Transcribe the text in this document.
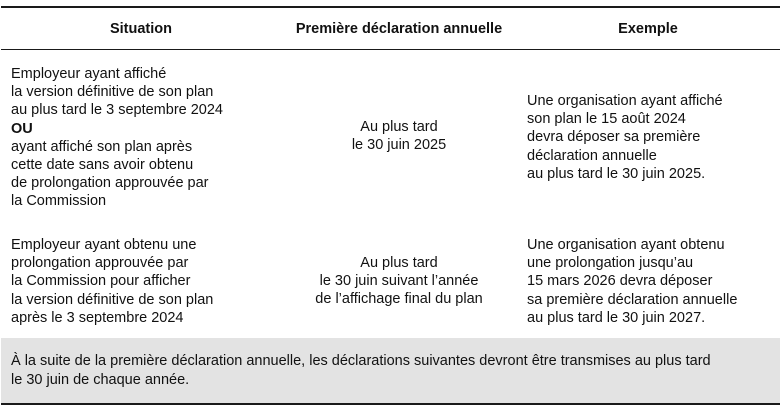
Situation	Première déclaration annuelle	Exemple
Employeur ayant affiché
la version définitive de son plan
au plus tard le 3 septembre 2024
OU
ayant affiché son plan après
cette date sans avoir obtenu
de prolongation approuvée par
la Commission
Au plus tard
le 30 juin 2025
Une organisation ayant affiché
son plan le 15 août 2024
devra déposer sa première
déclaration annuelle
au plus tard le 30 juin 2025.
Employeur ayant obtenu une
prolongation approuvée par
la Commission pour afficher
la version définitive de son plan
après le 3 septembre 2024
Au plus tard
le 30 juin suivant l’année
de l’affichage final du plan
Une organisation ayant obtenu
une prolongation jusqu’au
15 mars 2026 devra déposer
sa première déclaration annuelle
au plus tard le 30 juin 2027.
À la suite de la première déclaration annuelle, les déclarations suivantes devront être transmises au plus tard
le 30 juin de chaque année.
